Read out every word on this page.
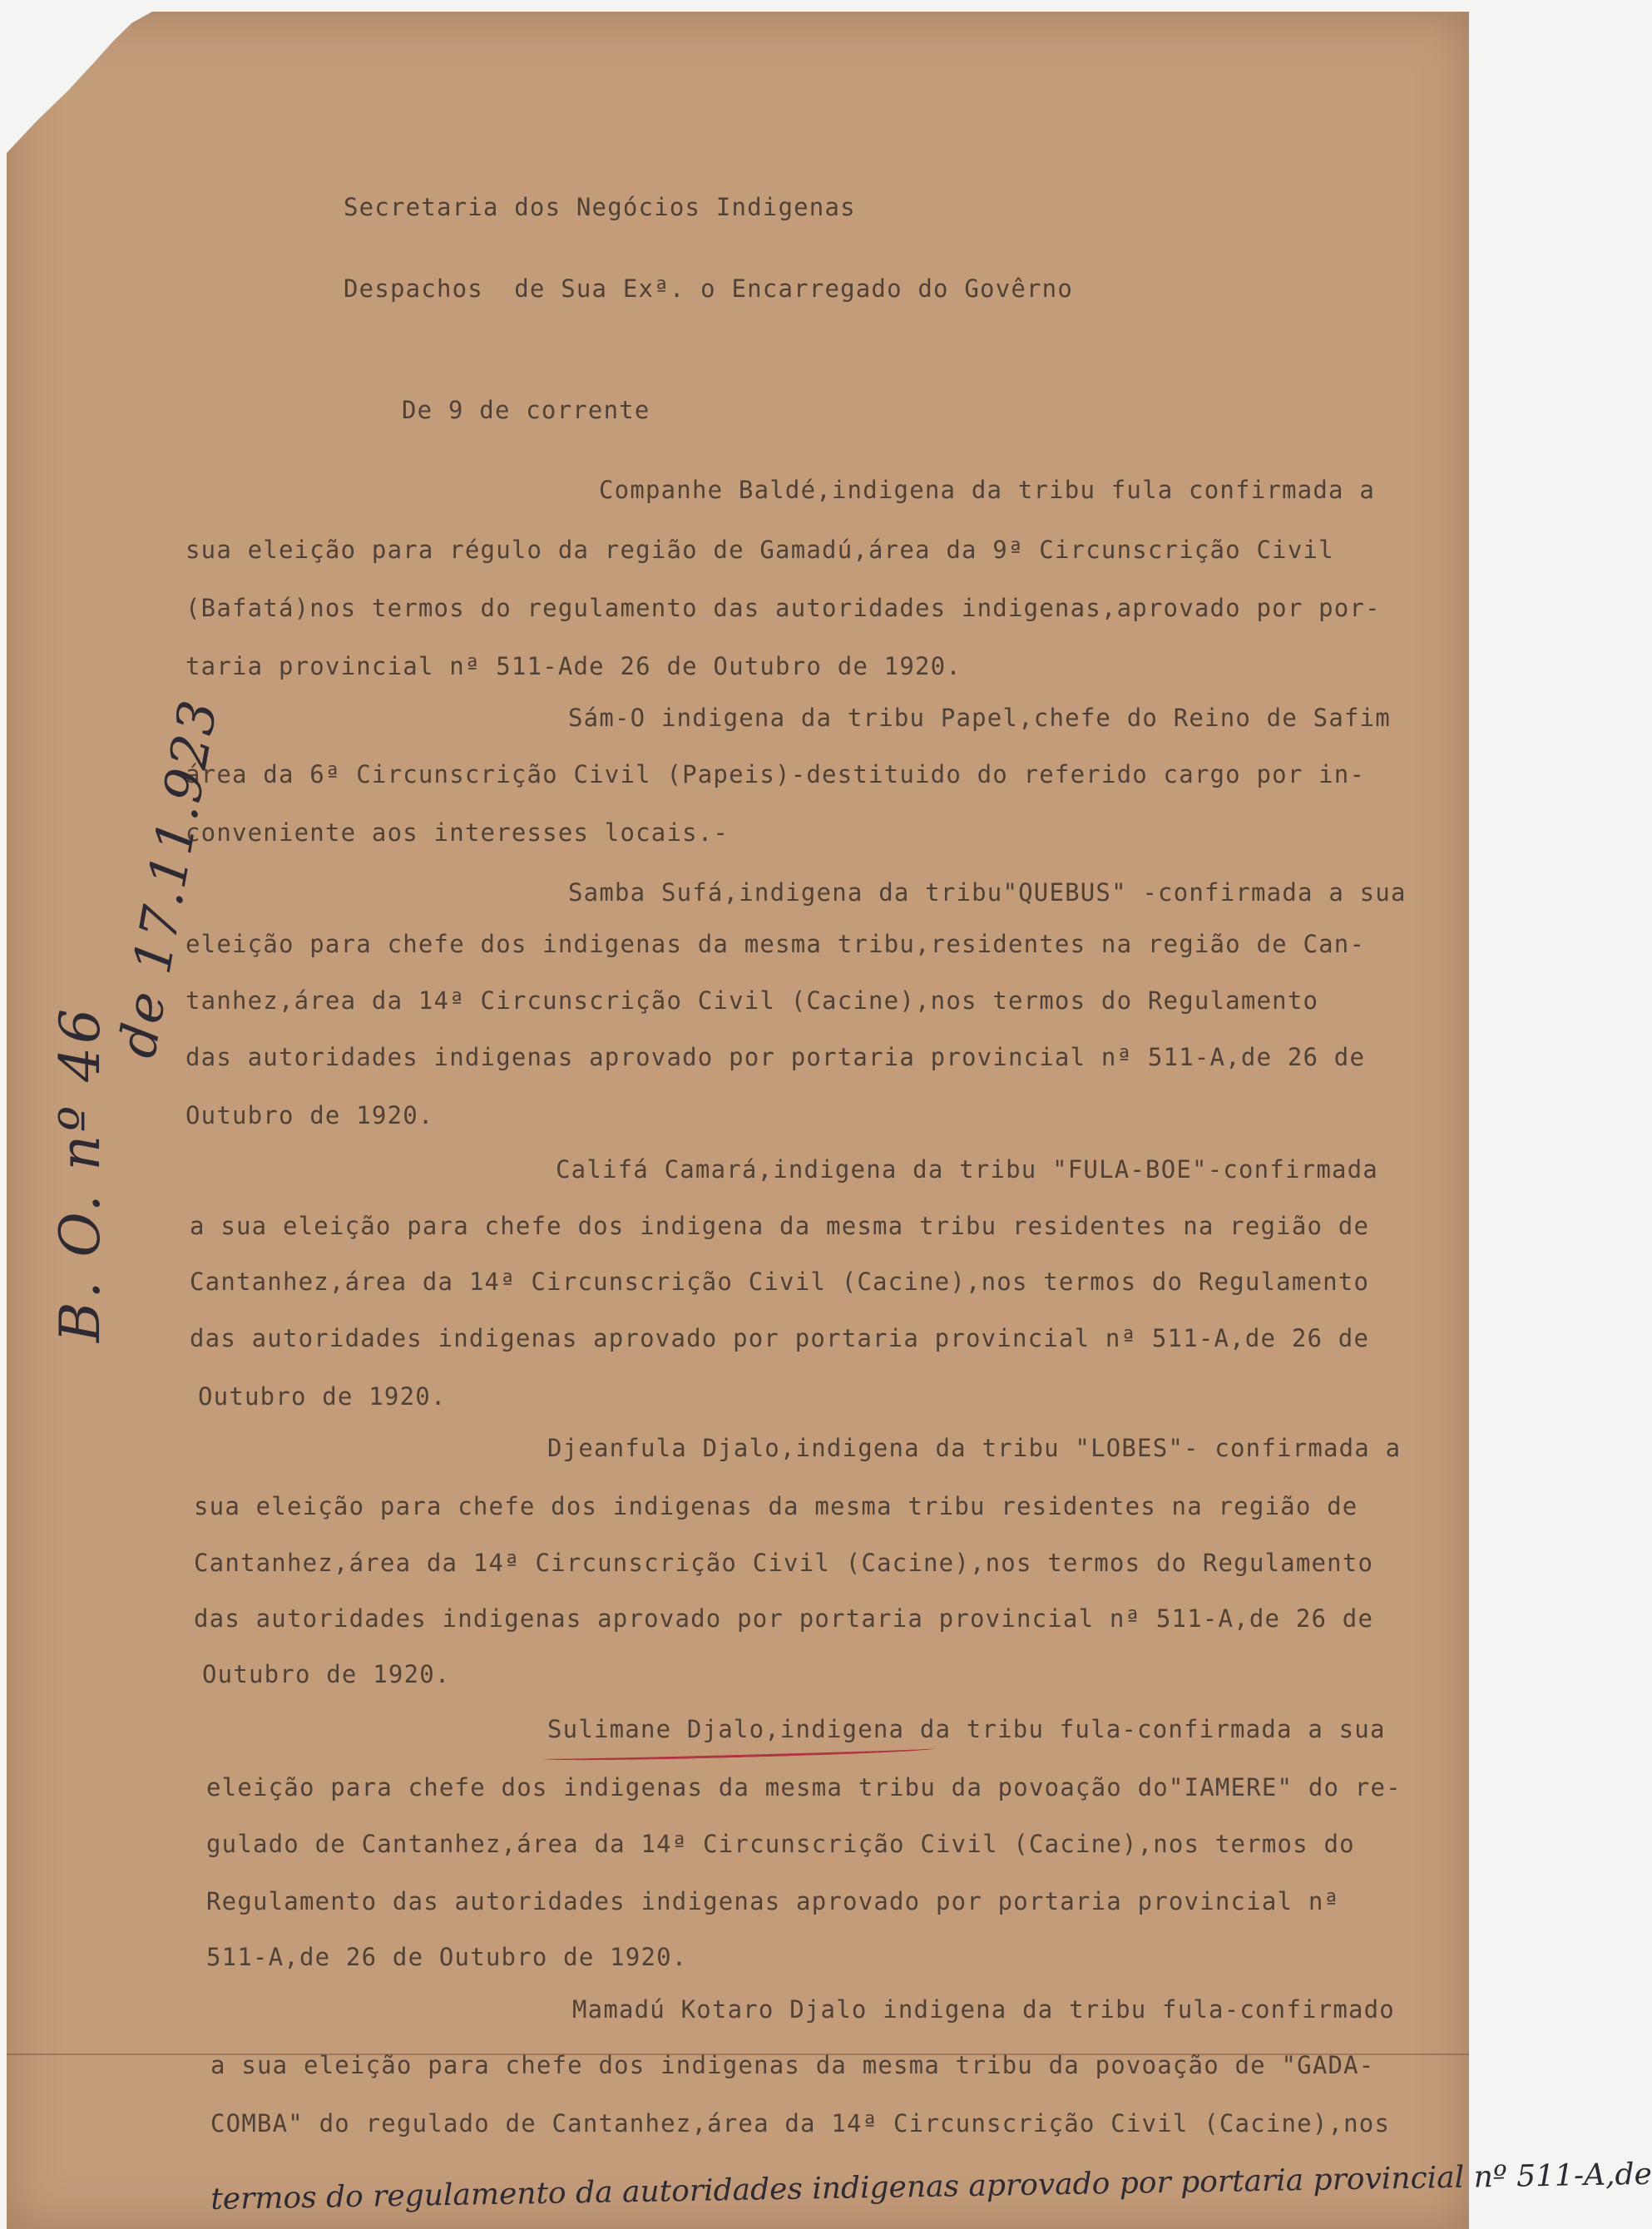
Secretaria dos Negócios Indigenas
Despachos  de Sua Exª. o Encarregado do Govêrno
De 9 de corrente
Companhe Baldé,indigena da tribu fula confirmada a
sua eleição para régulo da região de Gamadú,área da 9ª Circunscrição Civil
(Bafatá)nos termos do regulamento das autoridades indigenas,aprovado por por-
taria provincial nª 511-Ade 26 de Outubro de 1920.
Sám-O indigena da tribu Papel,chefe do Reino de Safim
área da 6ª Circunscrição Civil (Papeis)-destituido do referido cargo por in-
conveniente aos interesses locais.-
Samba Sufá,indigena da tribu"QUEBUS" -confirmada a sua
eleição para chefe dos indigenas da mesma tribu,residentes na região de Can-
tanhez,área da 14ª Circunscrição Civil (Cacine),nos termos do Regulamento
das autoridades indigenas aprovado por portaria provincial nª 511-A,de 26 de
Outubro de 1920.
Califá Camará,indigena da tribu "FULA-BOE"-confirmada
a sua eleição para chefe dos indigena da mesma tribu residentes na região de
Cantanhez,área da 14ª Circunscrição Civil (Cacine),nos termos do Regulamento
das autoridades indigenas aprovado por portaria provincial nª 511-A,de 26 de
Outubro de 1920.
Djeanfula Djalo,indigena da tribu "LOBES"- confirmada a
sua eleição para chefe dos indigenas da mesma tribu residentes na região de
Cantanhez,área da 14ª Circunscrição Civil (Cacine),nos termos do Regulamento
das autoridades indigenas aprovado por portaria provincial nª 511-A,de 26 de
Outubro de 1920.
Sulimane Djalo,indigena da tribu fula-confirmada a sua
eleição para chefe dos indigenas da mesma tribu da povoação do"IAMERE" do re-
gulado de Cantanhez,área da 14ª Circunscrição Civil (Cacine),nos termos do
Regulamento das autoridades indigenas aprovado por portaria provincial nª
511-A,de 26 de Outubro de 1920.
Mamadú Kotaro Djalo indigena da tribu fula-confirmado
a sua eleição para chefe dos indigenas da mesma tribu da povoação de "GADA-
COMBA" do regulado de Cantanhez,área da 14ª Circunscrição Civil (Cacine),nos
B. O. nº 46
de 17.11.923
termos do regulamento da autoridades indigenas aprovado por portaria provincial nº 511-A,de
